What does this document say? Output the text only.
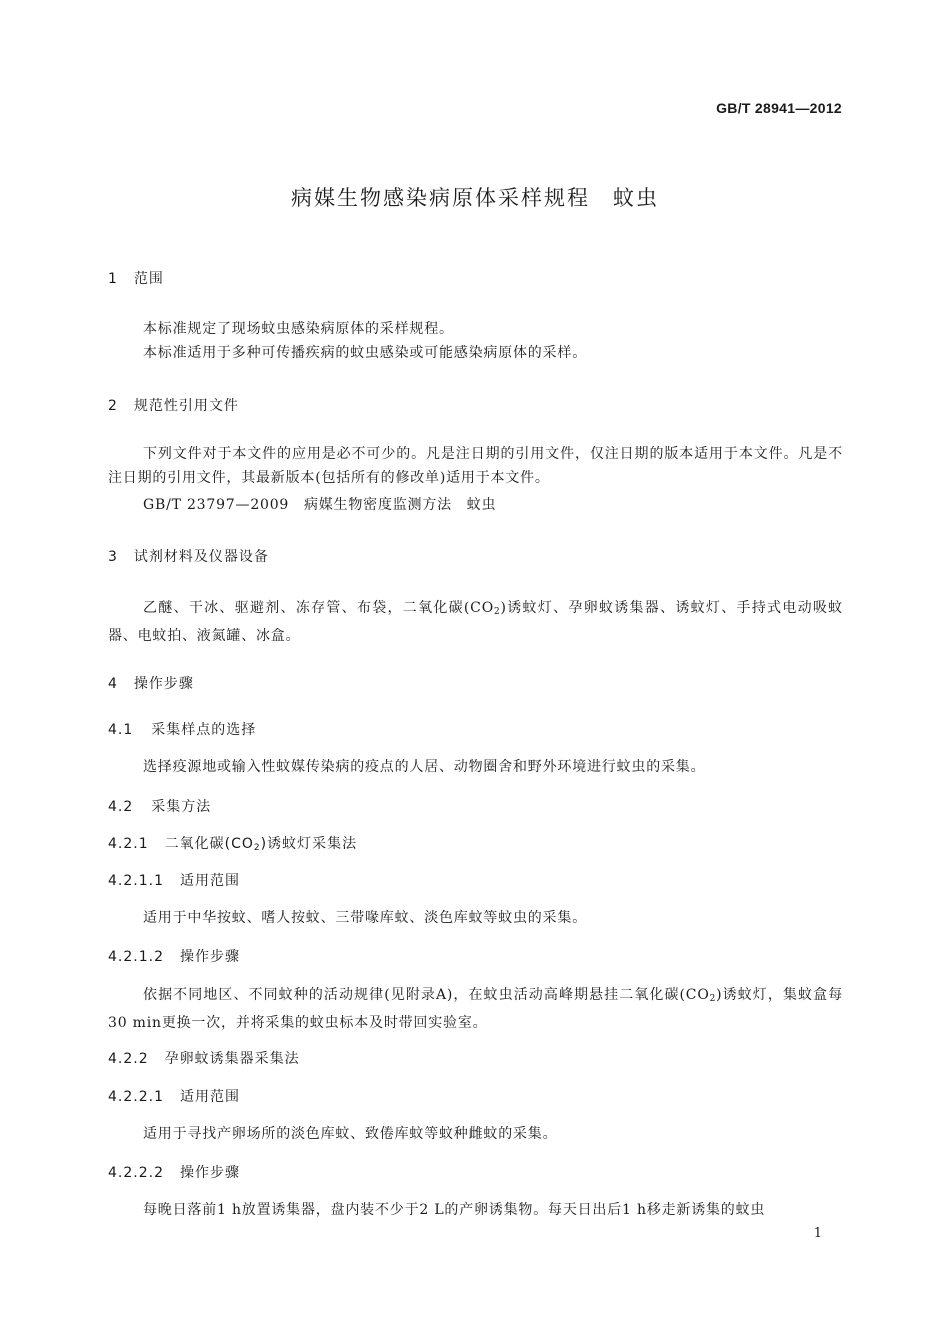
GB/T 28941—2012
病媒生物感染病原体采样规程　蚊虫
1 范围
本标准规定了现场蚊虫感染病原体的采样规程。
本标准适用于多种可传播疾病的蚊虫感染或可能感染病原体的采样。
2 规范性引用文件
下列文件对于本文件的应用是必不可少的。凡是注日期的引用文件，仅注日期的版本适用于本文件。凡是不注日期的引用文件，其最新版本(包括所有的修改单)适用于本文件。
GB/T 23797—2009　病媒生物密度监测方法　蚊虫
3 试剂材料及仪器设备
乙醚、干冰、驱避剂、冻存管、布袋，二氧化碳$(CO_2)$诱蚊灯、孕卵蚊诱集器、诱蚊灯、手持式电动吸蚊器、电蚊拍、液氮罐、冰盒。
4 操作步骤
4.1 采集样点的选择
选择疫源地或输入性蚊媒传染病的疫点的人居、动物圈舍和野外环境进行蚊虫的采集。
4.2 采集方法
4.2.1 二氧化碳$(CO_2)$诱蚊灯采集法
4.2.1.1 适用范围
适用于中华按蚊、嗜人按蚊、三带喙库蚊、淡色库蚊等蚊虫的采集。
4.2.1.2 操作步骤
依据不同地区、不同蚊种的活动规律(见附录A)，在蚊虫活动高峰期悬挂二氧化碳$(CO_2)$诱蚊灯，集蚊盒每30 min更换一次，并将采集的蚊虫标本及时带回实验室。
4.2.2 孕卵蚊诱集器采集法
4.2.2.1 适用范围
适用于寻找产卵场所的淡色库蚊、致倦库蚊等蚊种雌蚊的采集。
4.2.2.2 操作步骤
每晚日落前1 h放置诱集器，盘内装不少于2 L的产卵诱集物。每天日出后1 h移走新诱集的蚊虫
1
